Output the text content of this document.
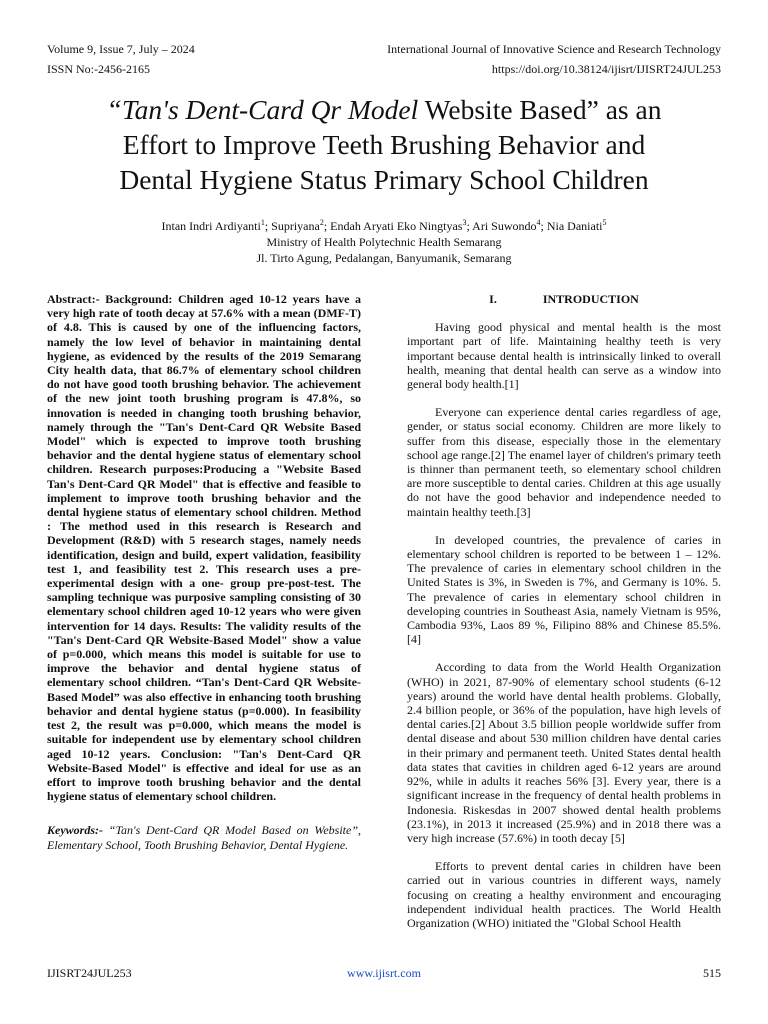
Volume 9, Issue 7, July – 2024	International Journal of Innovative Science and Research Technology
ISSN No:-2456-2165	https://doi.org/10.38124/ijisrt/IJISRT24JUL253
“Tan's Dent-Card Qr Model Website Based” as an
Effort to Improve Teeth Brushing Behavior and
Dental Hygiene Status Primary School Children
Intan Indri Ardiyanti$^1$; Supriyana$^2$; Endah Aryati Eko Ningtyas$^3$; Ari Suwondo$^4$; Nia Daniati$^5$
Ministry of Health Polytechnic Health Semarang
Jl. Tirto Agung, Pedalangan, Banyumanik, Semarang

Abstract:- Background: Children aged 10-12 years have a very high rate of tooth decay at 57.6% with a mean (DMF-T) of 4.8. This is caused by one of the influencing factors, namely the low level of behavior in maintaining dental hygiene, as evidenced by the results of the 2019 Semarang City health data, that 86.7% of elementary school children do not have good tooth brushing behavior. The achievement of the new joint tooth brushing program is 47.8%, so innovation is needed in changing tooth brushing behavior, namely through the "Tan's Dent-Card QR Website Based Model" which is expected to improve tooth brushing behavior and the dental hygiene status of elementary school children. Research purposes:Producing a "Website Based Tan's Dent-Card QR Model" that is effective and feasible to implement to improve tooth brushing behavior and the dental hygiene status of elementary school children. Method : The method used in this research is Research and Development (R&D) with 5 research stages, namely needs identification, design and build, expert validation, feasibility test 1, and feasibility test 2. This research uses a pre-experimental design with a one- group pre-post-test. The sampling technique was purposive sampling consisting of 30 elementary school children aged 10-12 years who were given intervention for 14 days. Results: The validity results of the "Tan's Dent-Card QR Website-Based Model" show a value of p=0.000, which means this model is suitable for use to improve the behavior and dental hygiene status of elementary school children. “Tan's Dent-Card QR Website-Based Model” was also effective in enhancing tooth brushing behavior and dental hygiene status (p=0.000). In feasibility test 2, the result was p=0.000, which means the model is suitable for independent use by elementary school children aged 10-12 years. Conclusion: "Tan's Dent-Card QR Website-Based Model" is effective and ideal for use as an effort to improve tooth brushing behavior and the dental hygiene status of elementary school children.

Keywords:- “Tan's Dent-Card QR Model Based on Website”, Elementary School, Tooth Brushing Behavior, Dental Hygiene.

I.	INTRODUCTION

Having good physical and mental health is the most important part of life. Maintaining healthy teeth is very important because dental health is intrinsically linked to overall health, meaning that dental health can serve as a window into general body health.[1]

Everyone can experience dental caries regardless of age, gender, or status social economy. Children are more likely to suffer from this disease, especially those in the elementary school age range.[2] The enamel layer of children's primary teeth is thinner than permanent teeth, so elementary school children are more susceptible to dental caries. Children at this age usually do not have the good behavior and independence needed to maintain healthy teeth.[3]

In developed countries, the prevalence of caries in elementary school children is reported to be between 1 – 12%. The prevalence of caries in elementary school children in the United States is 3%, in Sweden is 7%, and Germany is 10%. 5. The prevalence of caries in elementary school children in developing countries in Southeast Asia, namely Vietnam is 95%, Cambodia 93%, Laos 89 %, Filipino 88% and Chinese 85.5%. [4]

According to data from the World Health Organization (WHO) in 2021, 87-90% of elementary school students (6-12 years) around the world have dental health problems. Globally, 2.4 billion people, or 36% of the population, have high levels of dental caries.[2] About 3.5 billion people worldwide suffer from dental disease and about 530 million children have dental caries in their primary and permanent teeth. United States dental health data states that cavities in children aged 6-12 years are around 92%, while in adults it reaches 56% [3]. Every year, there is a significant increase in the frequency of dental health problems in Indonesia. Riskesdas in 2007 showed dental health problems (23.1%), in 2013 it increased (25.9%) and in 2018 there was a very high increase (57.6%) in tooth decay [5]

Efforts to prevent dental caries in children have been carried out in various countries in different ways, namely focusing on creating a healthy environment and encouraging independent individual health practices. The World Health Organization (WHO) initiated the "Global School Health

IJISRT24JUL253	www.ijisrt.com	515
